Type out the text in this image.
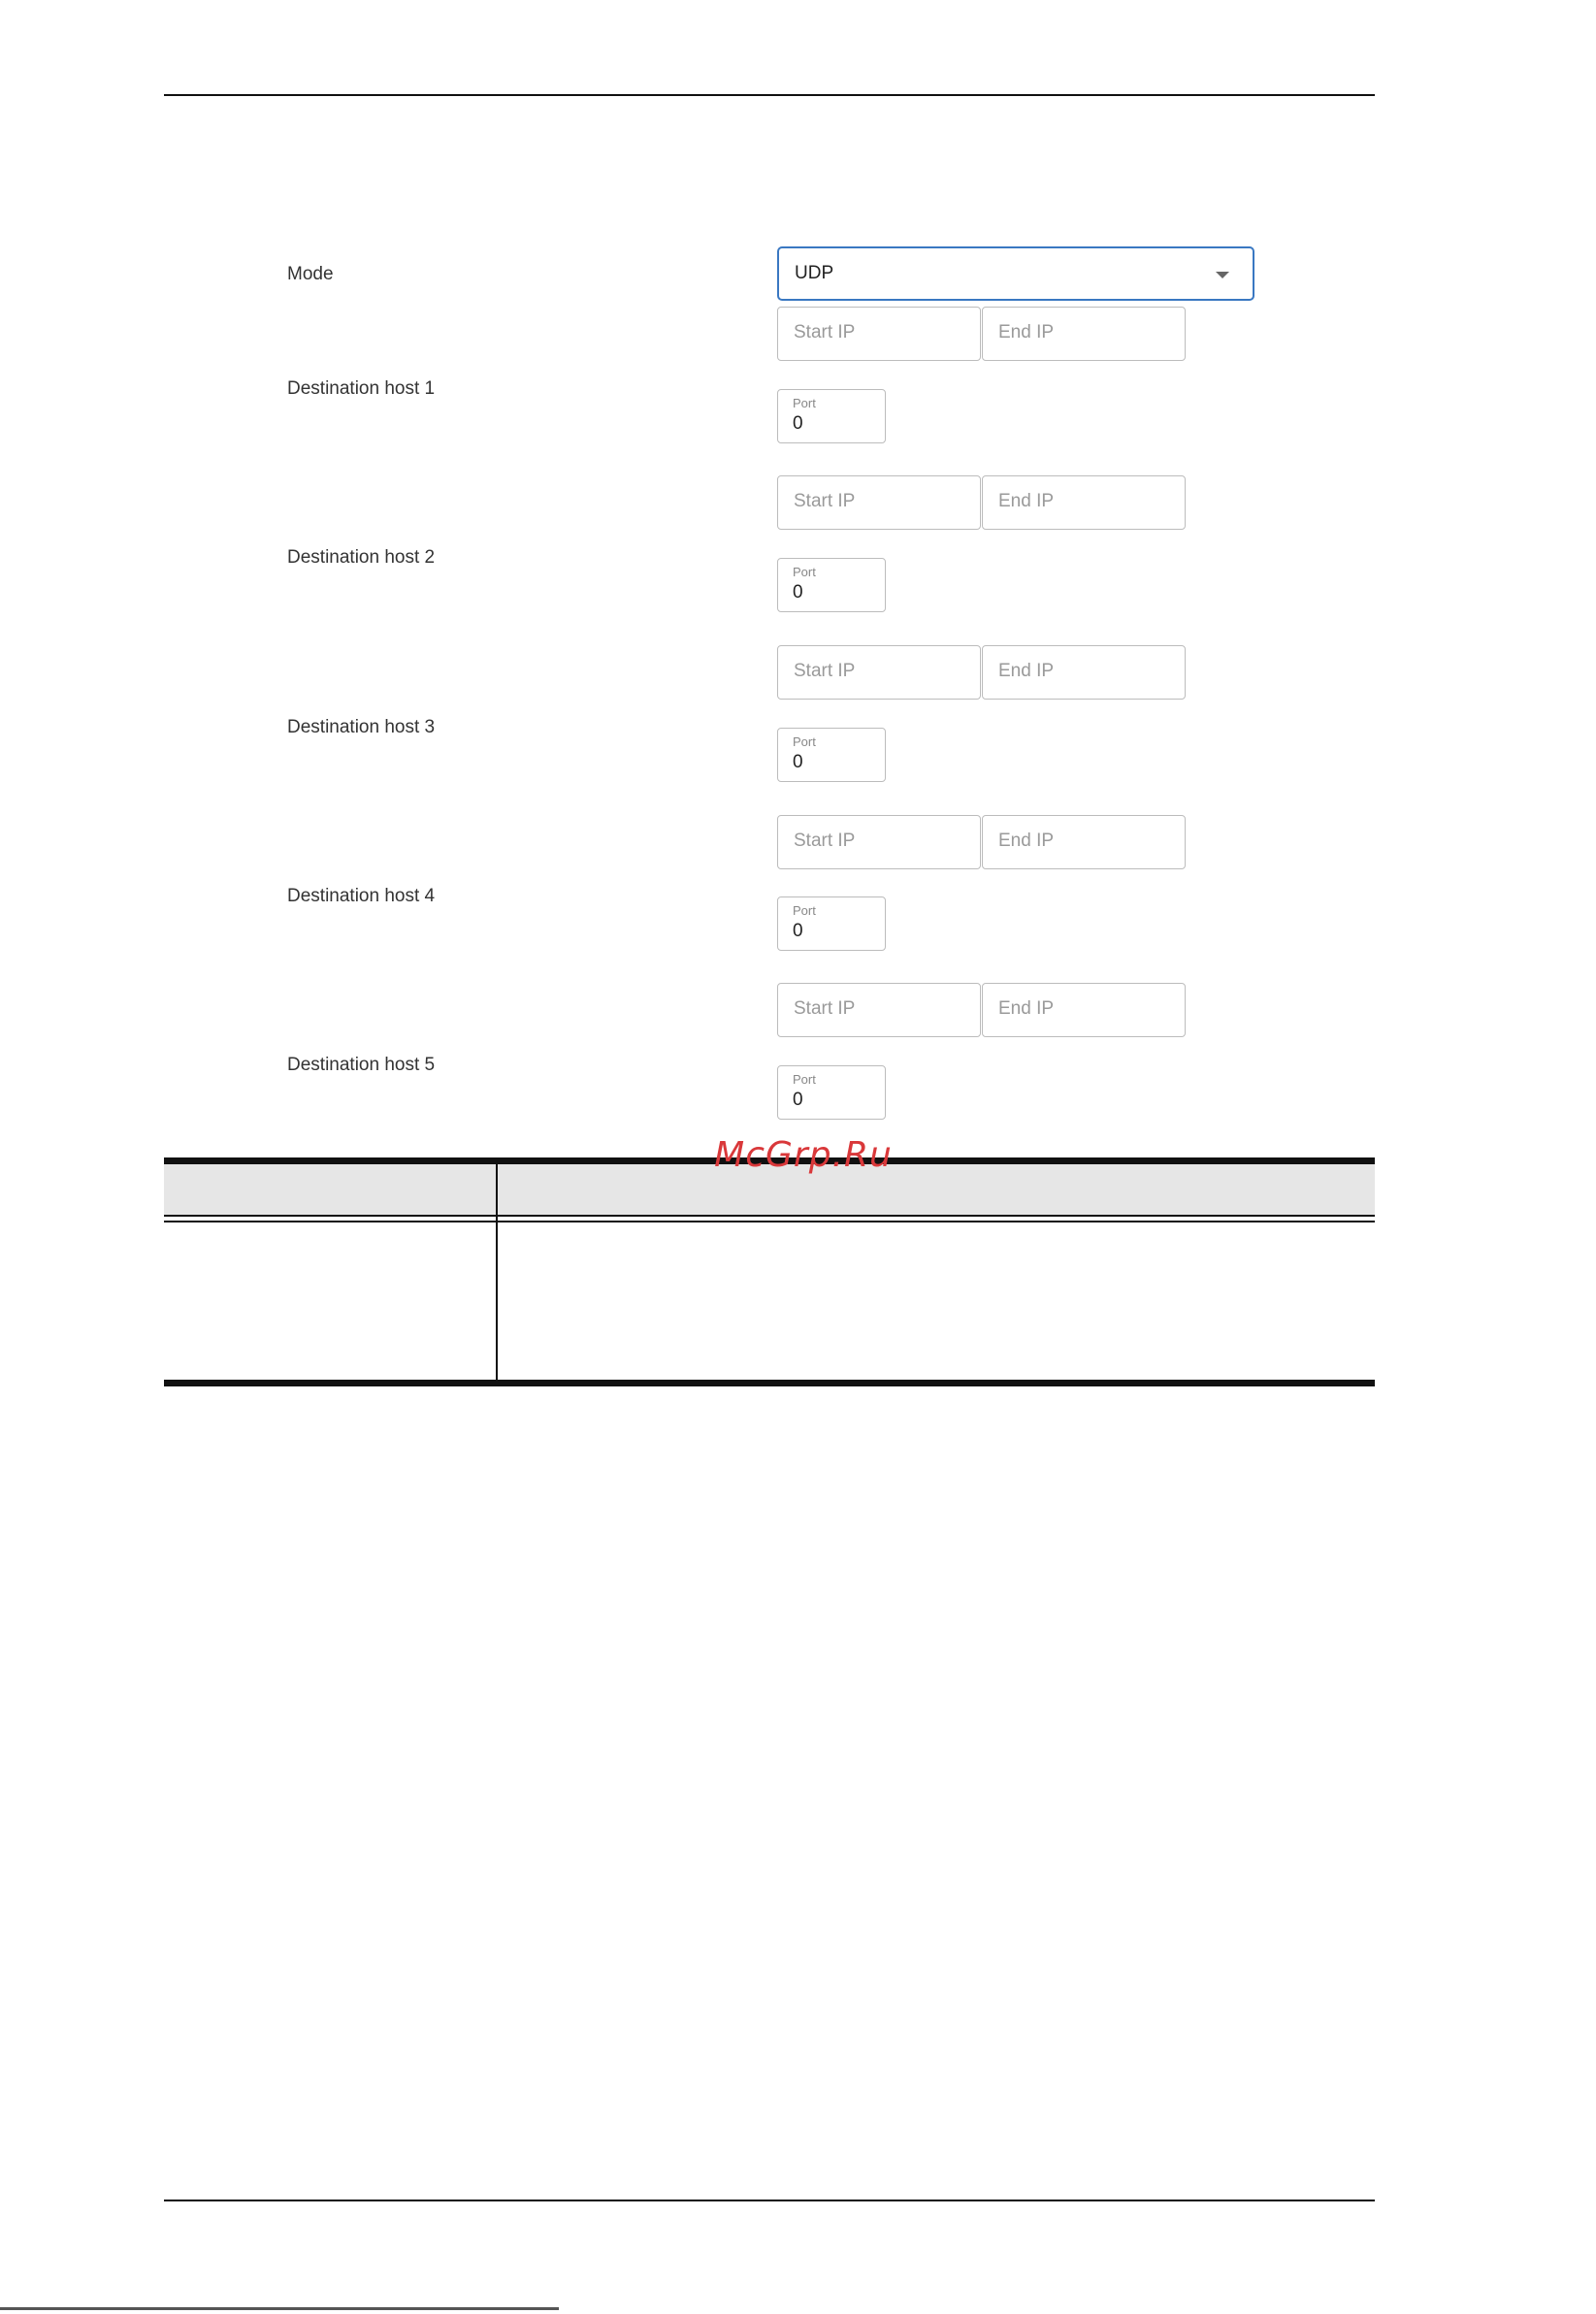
Mode	UDP
Destination host 1
Start IP	End IP
Port
0
Destination host 2
Start IP	End IP
Port
0
Destination host 3
Start IP	End IP
Port
0
Destination host 4
Start IP	End IP
Port
0
Destination host 5
Start IP	End IP
Port
0
McGrp.Ru
